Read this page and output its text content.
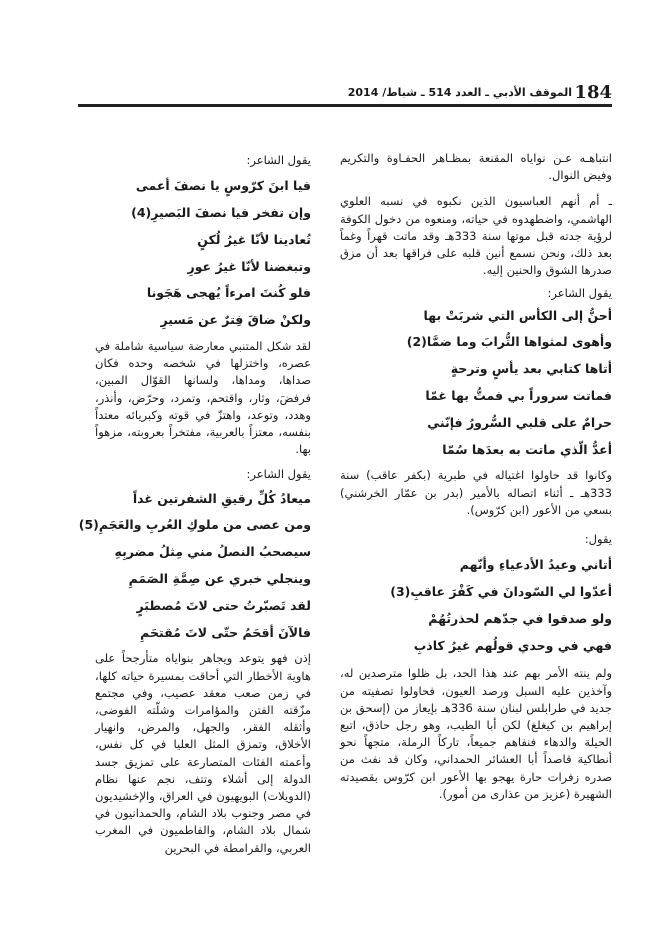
184
الموقف الأدبي ـ العدد 514 ـ شباط/ 2014

انتباهـه عـن نواياه المقنعة بمظـاهر الحفـاوة والتكريم وفيض النوال.

ـ أم أنهم العباسيون الذين نكبوه في نسبه العلوي الهاشمي، واضطهدوه في حياته، ومنعوه من دخول الكوفة لرؤية جدته قبل موتها سنة 333هـ وقد ماتت قهراً وغماً بعد ذلك، ونحن نسمع أنين قلبه على فراقها بعد أن مزق صدرها الشوق والحنين إليه.

يقول الشاعر:

أحنُّ إلى الكأس التي شربَتْ بها

وأهوى لمثواها التُّرابَ وما ضمَّا(2)

أتاها كتابي بعد يأسٍ وترحةٍ

فماتت سروراً بي فمتُّ بها غمّا

حرامٌ على قلبي السُّرورُ فإنّني

أعدُّ الّذي ماتت به بعدَها سُمّا

وكانوا قد حاولوا اغتياله في طبرية (بكفر عاقب) سنة 333هـ ـ أثناء اتصاله بالأمير (بدر بن عمّار الخرشني) بسعي من الأعور (ابن كرّوس).

يقول:

أتاني وعيدُ الأدعياءِ وأنّهم

أعدّوا لي السّودانَ في كَفْرَ عاقبِ(3)

ولو صدقوا في جدّهم لحذرتُهُمْ

فهي في وحدي قولُهم غيرُ كاذبِ

ولم ينته الأمر بهم عند هذا الحد، بل ظلوا مترصدين له، وآخذين عليه السبل ورصد العيون، فحاولوا تصفيته من جديد في طرابلس لبنان سنة 336هـ بإيعاز من (إسحق بن إبراهيم بن كيغلغ) لكن أبا الطيب، وهو رجل حاذق، اتبع الحيلة والدهاء فنفاهم جميعاً، تاركاً الرملة، متجهاً نحو أنطاكية قاصداً أبا العشائر الحمداني، وكان قد نفث من صدره زفرات حارة يهجو بها الأعور ابن كرّوس بقصيدته الشهيرة (عزيز من عذارى من أمور).

يقول الشاعر:

فيا ابنَ كرّوسٍ يا نصفَ أعمى

وإن تفخر فيا نصفَ البَصيرِ(4)

تُعادينا لأنّا غيرُ لُكنٍ

وتبغضنا لأنّا غيرُ عورِ

فلو كُنتَ امرءاً يُهجى هَجَونا

ولكنْ ضاقَ فِترٌ عن مَسيرِ

لقد شكل المتنبي معارضة سياسية شاملة في عصره، واختزلها في شخصه وحده فكان صداها، ومداها، ولسانها القوّال المبين، فرفضَ، وثار، واقتحم، وتمرد، وحرّض، وأنذر، وهدد، وتوعد، واهتزّ في قوته وكبريائه معتداً بنفسه، معتزاً بالعربية، مفتخراً بعروبته، مزهواً بها.

يقول الشاعر:

ميعادُ كُلِّ رقيقِ الشفرتين غداً

ومن عصى من ملوكِ العُربِ والعَجَمِ(5)

سيصحبُ النصلُ مني مِثلُ مضربِهِ

وينجلي خبري عن صِمَّةِ الصَمَمِ

لقد تَصبّرتُ حتى لاتَ مُصطبَرٍ

فالآنَ أقحَمُ حتّى لاتَ مُقتحَمِ

إذن فهو يتوعد ويجاهر بنواياه متأرجحاً على هاوية الأخطار التي أحاقت بمسيرة حياته كلها، في زمن صعب معقد عصيب، وفي مجتمع مزّقته الفتن والمؤامرات وشلّته الفوضى، وأثقله الفقر، والجهل، والمرض، وانهيار الأخلاق، وتمزق المثل العليا في كل نفس، وأعمته الفئات المتصارعة على تمزيق جسد الدولة إلى أشلاء وتتف، نجم عنها نظام (الدويلات) البويهيون في العراق، والإخشيديون في مصر وجنوب بلاد الشام، والحمدانيون في شمال بلاد الشام، والفاطميون في المغرب العربي، والقرامطة في البحرين
